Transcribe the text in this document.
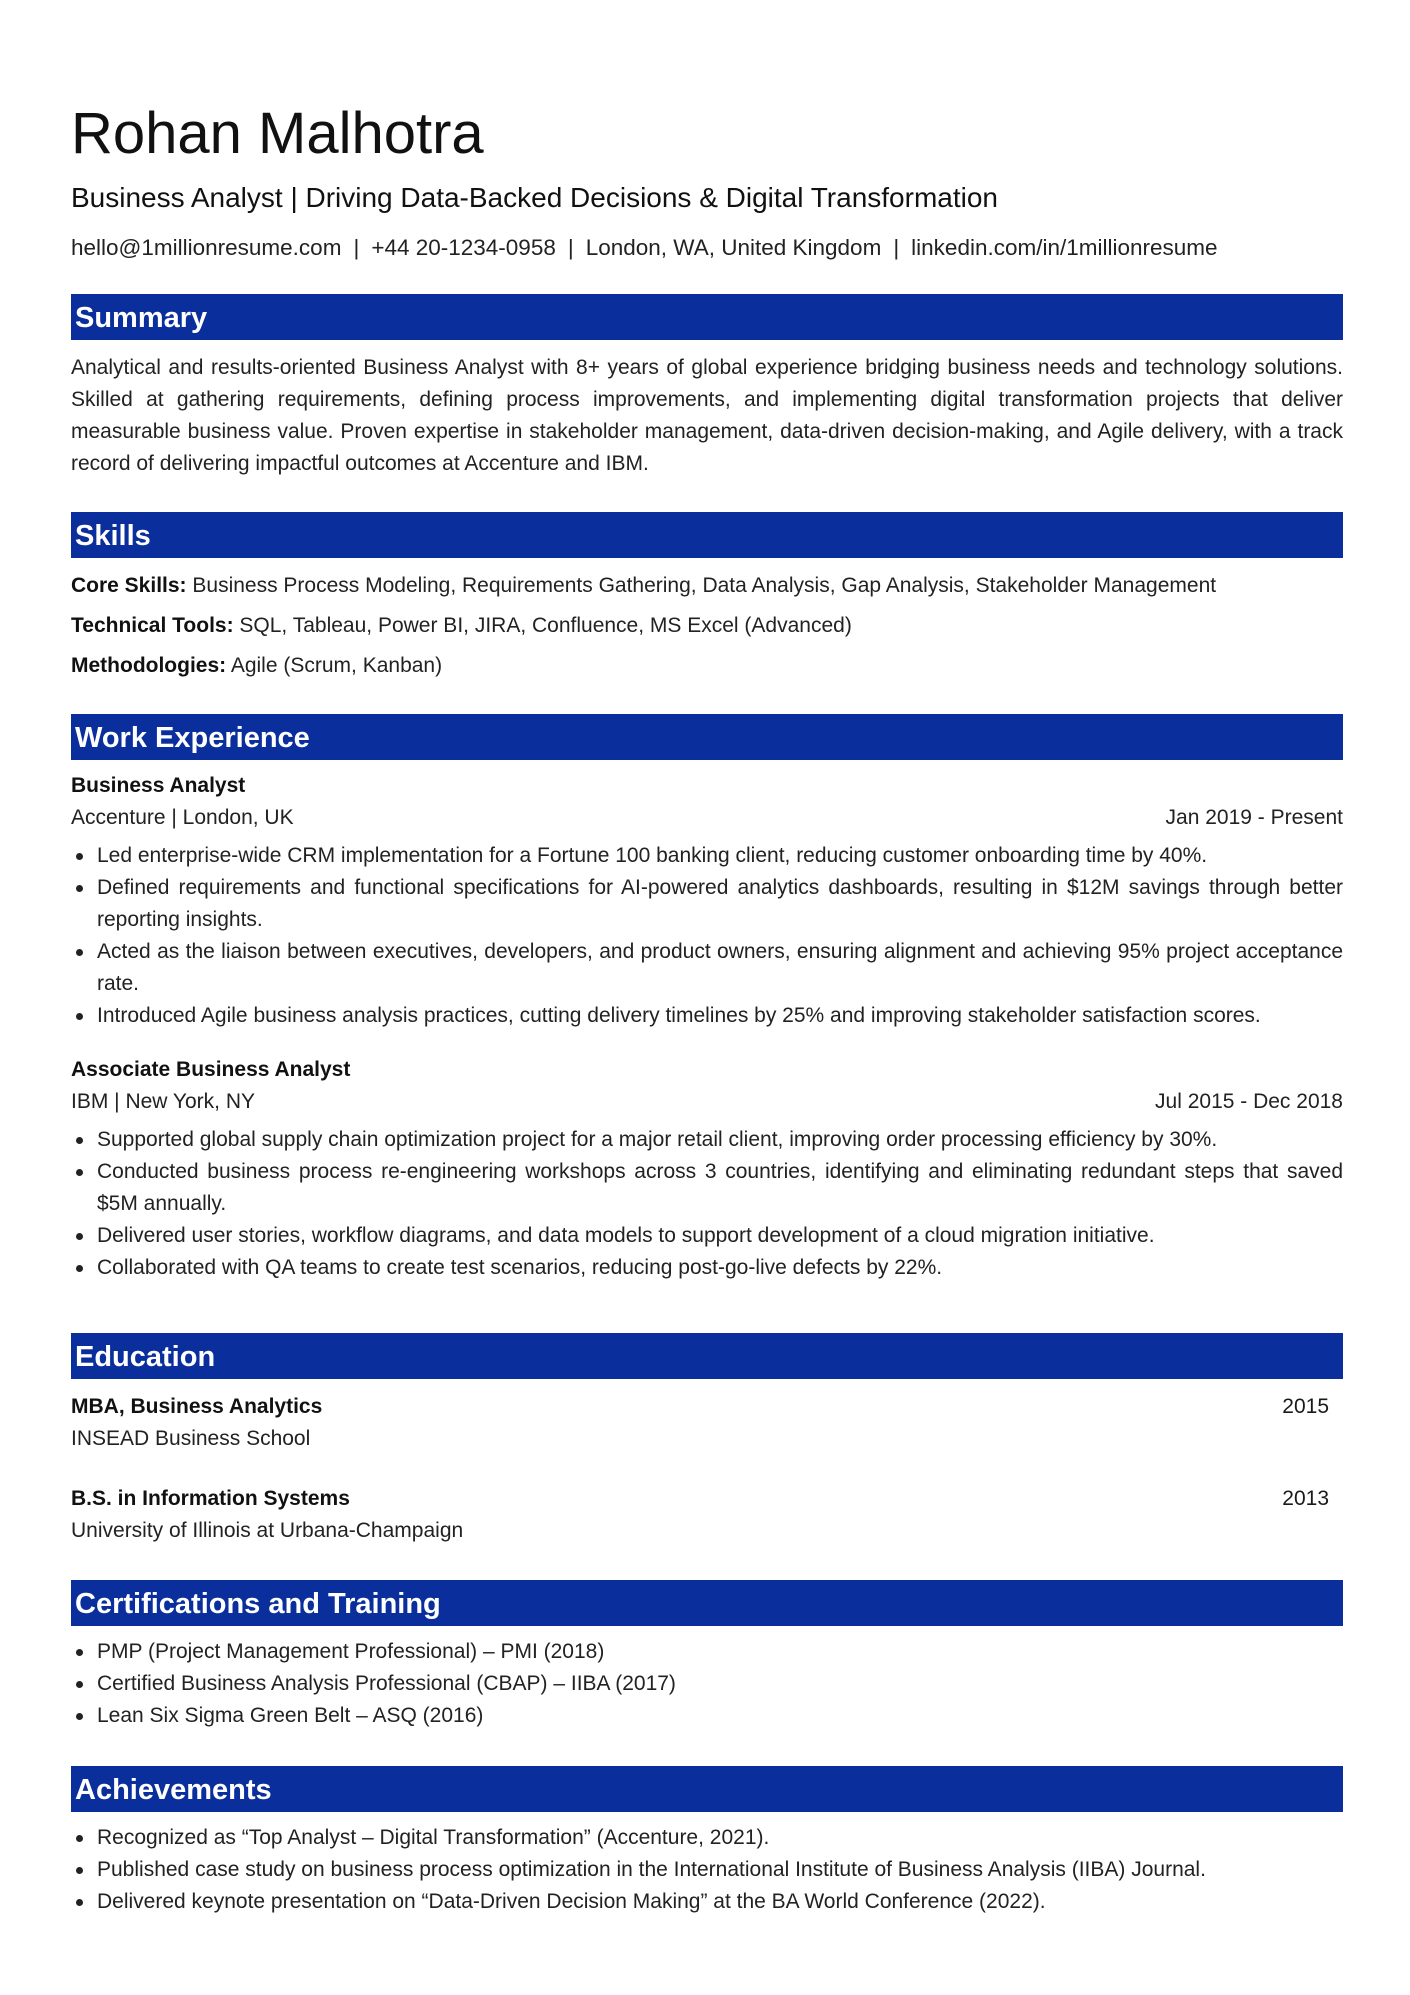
Rohan Malhotra
Business Analyst | Driving Data-Backed Decisions & Digital Transformation
hello@1millionresume.com | +44 20-1234-0958 | London, WA, United Kingdom | linkedin.com/in/1millionresume
Summary
Analytical and results-oriented Business Analyst with 8+ years of global experience bridging business needs and technology solutions. Skilled at gathering requirements, defining process improvements, and implementing digital transformation projects that deliver measurable business value. Proven expertise in stakeholder management, data-driven decision-making, and Agile delivery, with a track record of delivering impactful outcomes at Accenture and IBM.
Skills
Core Skills: Business Process Modeling, Requirements Gathering, Data Analysis, Gap Analysis, Stakeholder Management
Technical Tools: SQL, Tableau, Power BI, JIRA, Confluence, MS Excel (Advanced)
Methodologies: Agile (Scrum, Kanban)
Work Experience
Business Analyst
Accenture | London, UK	Jan 2019 - Present
Led enterprise-wide CRM implementation for a Fortune 100 banking client, reducing customer onboarding time by 40%.
Defined requirements and functional specifications for AI-powered analytics dashboards, resulting in $12M savings through better reporting insights.
Acted as the liaison between executives, developers, and product owners, ensuring alignment and achieving 95% project acceptance rate.
Introduced Agile business analysis practices, cutting delivery timelines by 25% and improving stakeholder satisfaction scores.
Associate Business Analyst
IBM | New York, NY	Jul 2015 - Dec 2018
Supported global supply chain optimization project for a major retail client, improving order processing efficiency by 30%.
Conducted business process re-engineering workshops across 3 countries, identifying and eliminating redundant steps that saved $5M annually.
Delivered user stories, workflow diagrams, and data models to support development of a cloud migration initiative.
Collaborated with QA teams to create test scenarios, reducing post-go-live defects by 22%.
Education
MBA, Business Analytics	2015
INSEAD Business School
B.S. in Information Systems	2013
University of Illinois at Urbana-Champaign
Certifications and Training
PMP (Project Management Professional) – PMI (2018)
Certified Business Analysis Professional (CBAP) – IIBA (2017)
Lean Six Sigma Green Belt – ASQ (2016)
Achievements
Recognized as “Top Analyst – Digital Transformation” (Accenture, 2021).
Published case study on business process optimization in the International Institute of Business Analysis (IIBA) Journal.
Delivered keynote presentation on “Data-Driven Decision Making” at the BA World Conference (2022).
